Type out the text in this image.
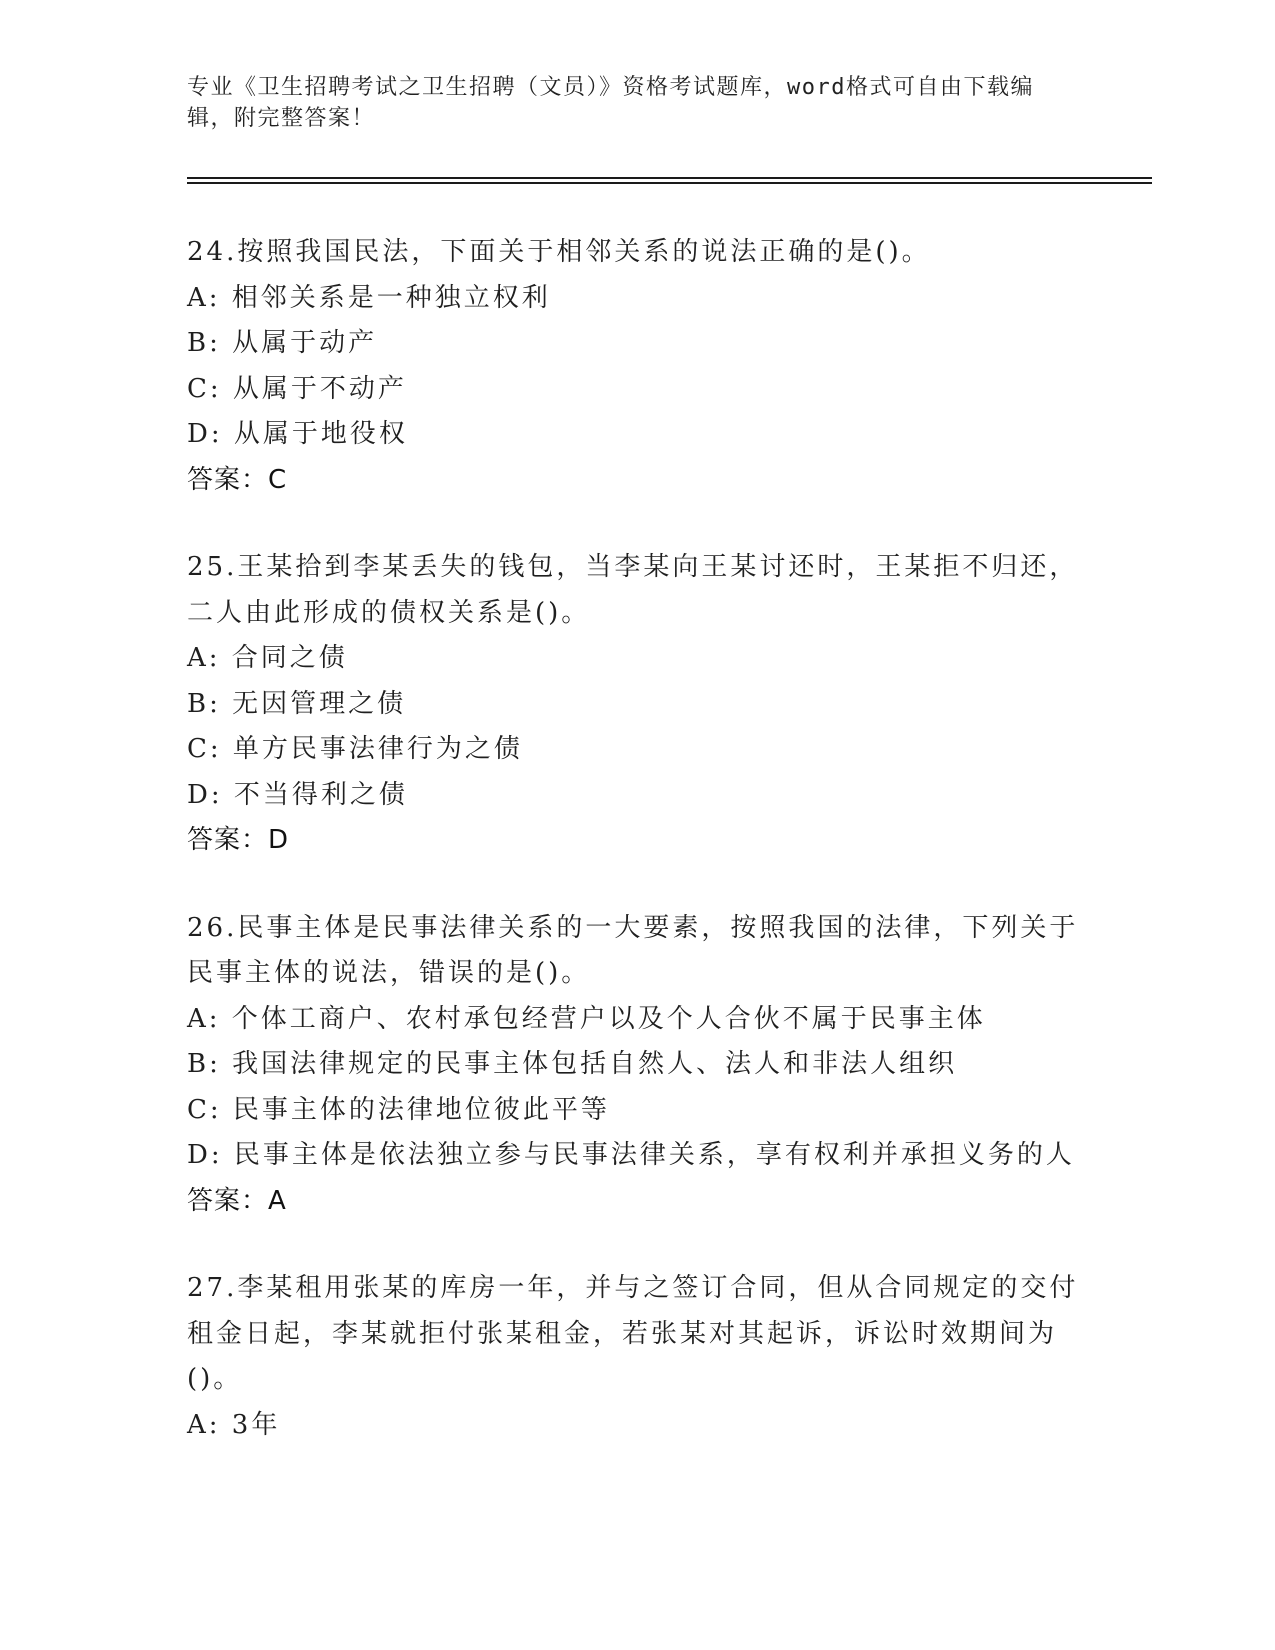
专业《卫生招聘考试之卫生招聘（文员）》资格考试题库，word格式可自由下载编辑，附完整答案！

24.按照我国民法，下面关于相邻关系的说法正确的是()。

A: 相邻关系是一种独立权利

B: 从属于动产

C: 从属于不动产

D: 从属于地役权

答案：C

25.王某拾到李某丢失的钱包，当李某向王某讨还时，王某拒不归还，二人由此形成的债权关系是()。

A: 合同之债

B: 无因管理之债

C: 单方民事法律行为之债

D: 不当得利之债

答案：D

26.民事主体是民事法律关系的一大要素，按照我国的法律，下列关于民事主体的说法，错误的是()。

A: 个体工商户、农村承包经营户以及个人合伙不属于民事主体

B: 我国法律规定的民事主体包括自然人、法人和非法人组织

C: 民事主体的法律地位彼此平等

D: 民事主体是依法独立参与民事法律关系，享有权利并承担义务的人

答案：A

27.李某租用张某的库房一年，并与之签订合同，但从合同规定的交付租金日起，李某就拒付张某租金，若张某对其起诉，诉讼时效期间为()。

A: 3年
